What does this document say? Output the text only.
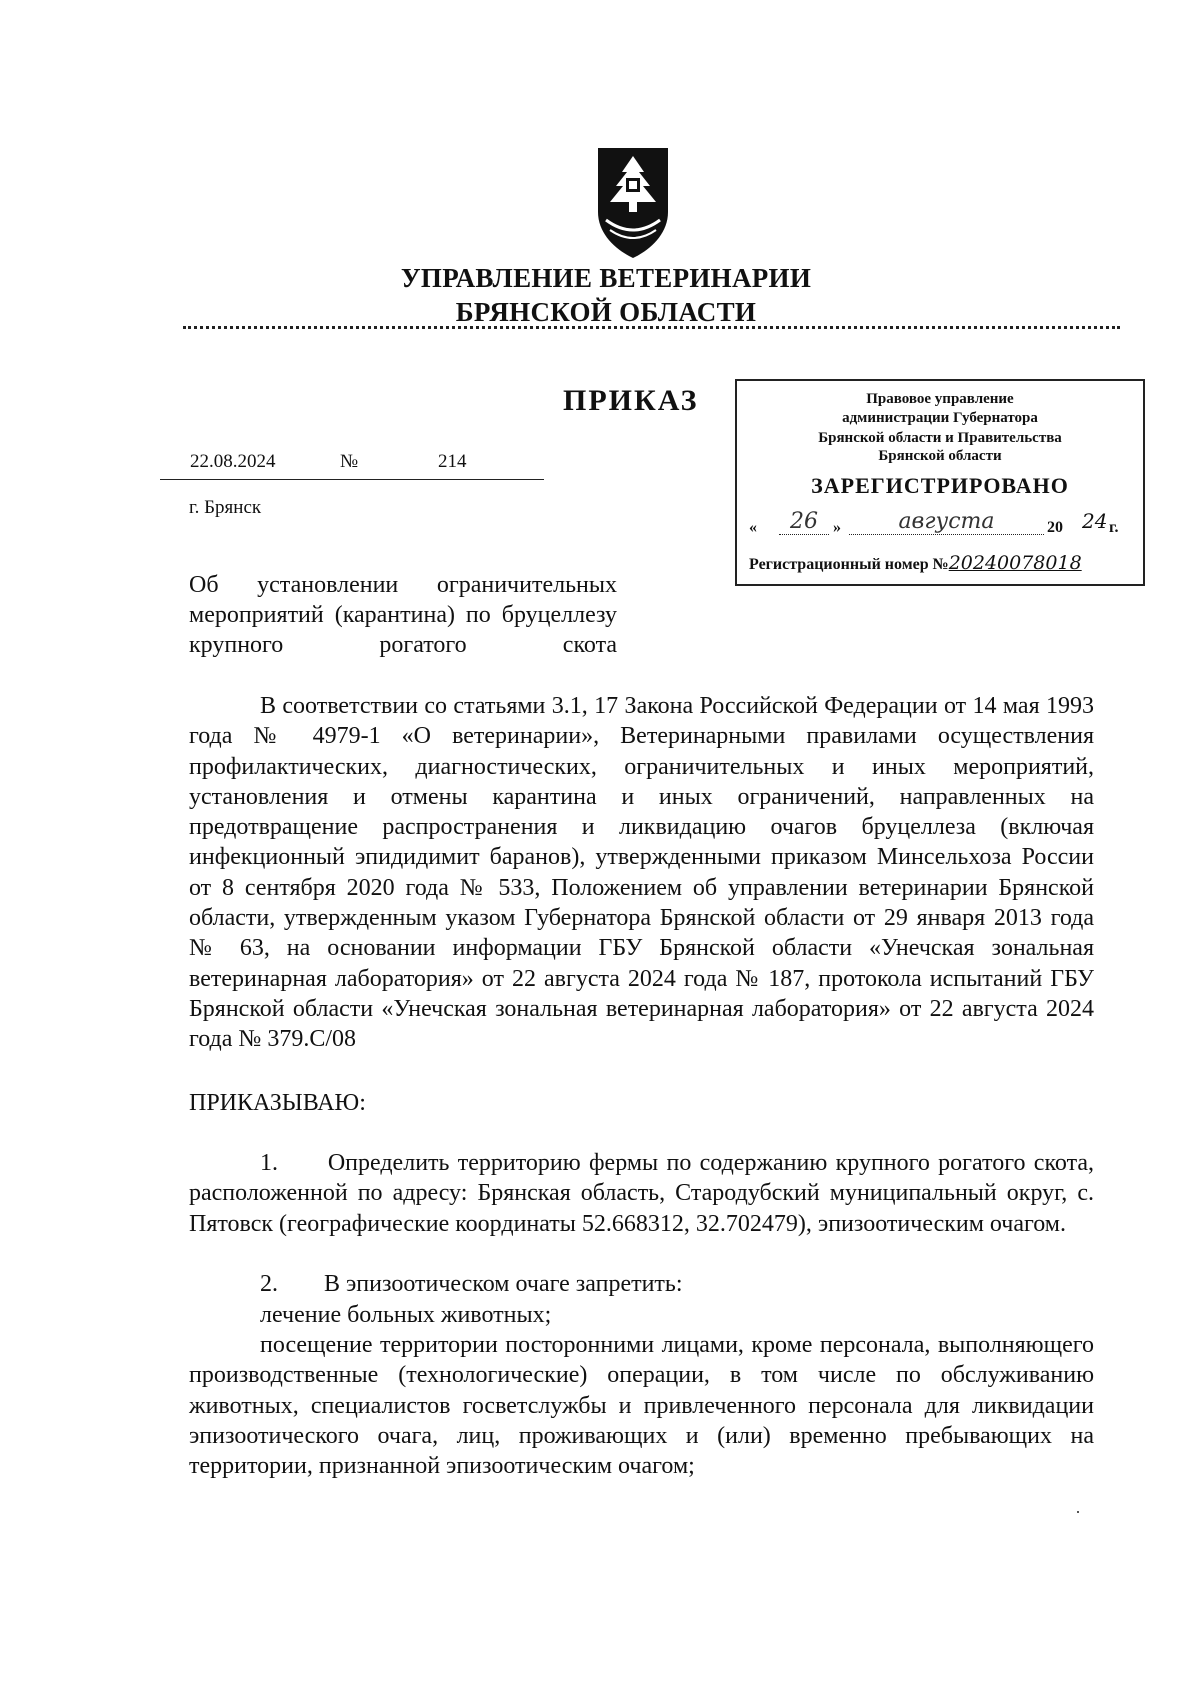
УПРАВЛЕНИЕ ВЕТЕРИНАРИИ
БРЯНСКОЙ ОБЛАСТИ
ПРИКАЗ	Правовое управление
администрации Губернатора
Брянской области и Правительства
Брянской области
ЗАРЕГИСТРИРОВАНО
«	26 »	августа	20 24 г.
Регистрационный номер №20240078018
22.08.2024	№	214
г. Брянск
Об установлении ограничительных мероприятий (карантина) по бруцеллезу крупного рогатого скота
В соответствии со статьями 3.1, 17 Закона Российской Федерации от 14 мая 1993 года № 4979-1 «О ветеринарии», Ветеринарными правилами осуществления профилактических, диагностических, ограничительных и иных мероприятий, установления и отмены карантина и иных ограничений, направленных на предотвращение распространения и ликвидацию очагов бруцеллеза (включая инфекционный эпидидимит баранов), утвержденными приказом Минсельхоза России от 8 сентября 2020 года № 533, Положением об управлении ветеринарии Брянской области, утвержденным указом Губернатора Брянской области от 29 января 2013 года № 63, на основании информации ГБУ Брянской области «Унечская зональная ветеринарная лаборатория» от 22 августа 2024 года № 187, протокола испытаний ГБУ Брянской области «Унечская зональная ветеринарная лаборатория» от 22 августа 2024 года № 379.С/08
ПРИКАЗЫВАЮ:
1.      Определить территорию фермы по содержанию крупного рогатого скота, расположенной по адресу: Брянская область, Стародубский муниципальный округ, с. Пятовск (географические координаты 52.668312, 32.702479), эпизоотическим очагом.
2. В эпизоотическом очаге запретить:
лечение больных животных;
посещение территории посторонними лицами, кроме персонала, выполняющего производственные (технологические) операции, в том числе по обслуживанию животных, специалистов госветслужбы и привлеченного персонала для ликвидации эпизоотического очага, лиц, проживающих и (или) временно пребывающих на территории, признанной эпизоотическим очагом;
